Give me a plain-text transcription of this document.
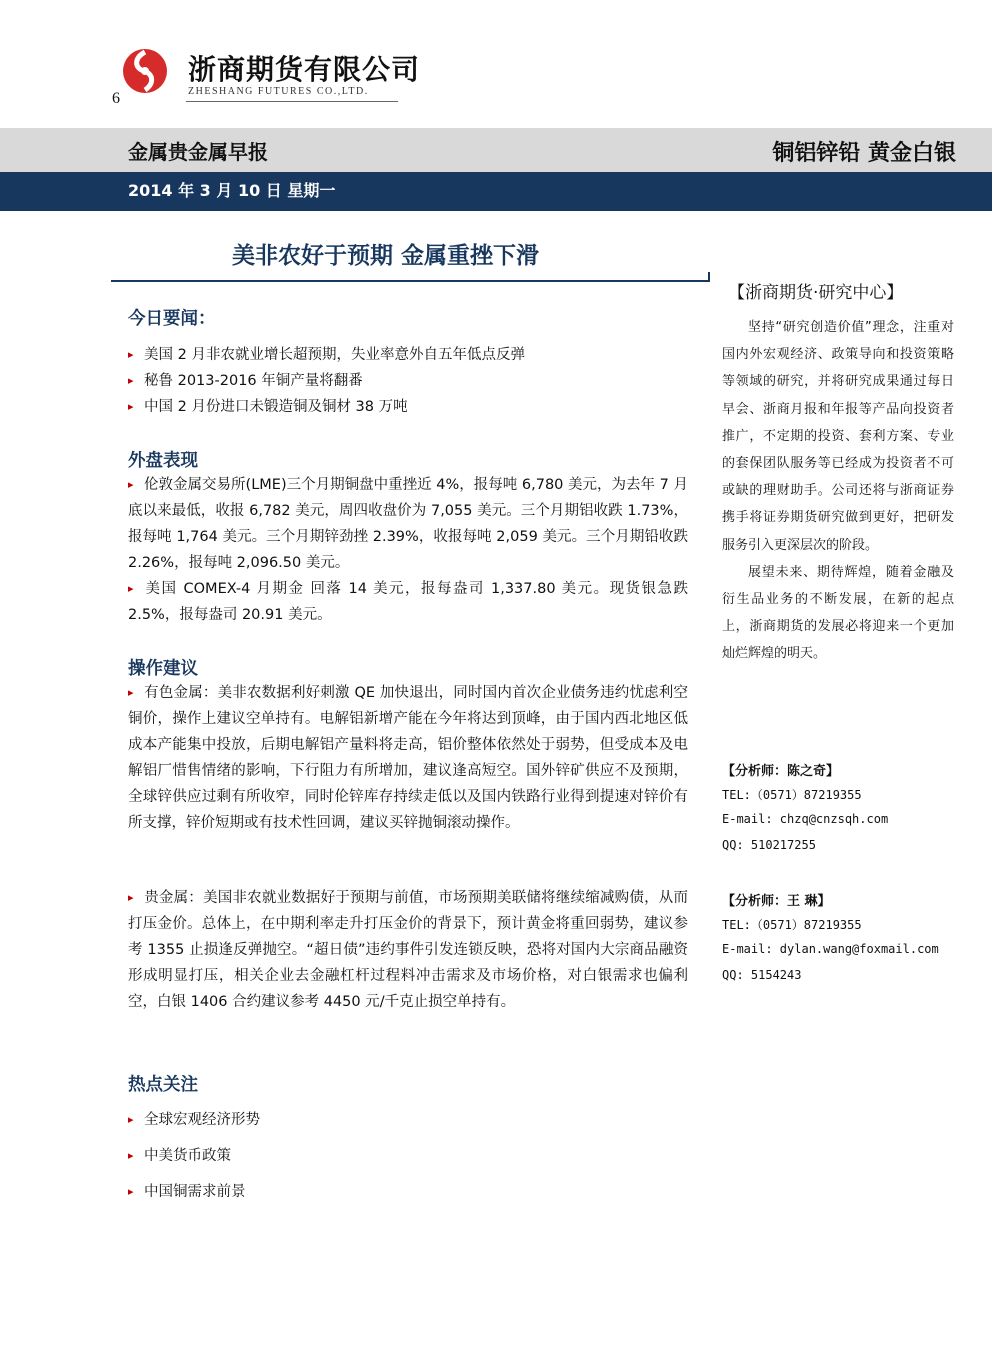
浙商期货有限公司
ZHESHANG FUTURES CO.,LTD.
6
金属贵金属早报	铜铝锌铅 黄金白银
2014 年 3 月 10 日 星期一
美非农好于预期 金属重挫下滑
今日要闻：
▸ 美国 2 月非农就业增长超预期，失业率意外自五年低点反弹
▸ 秘鲁 2013-2016 年铜产量将翻番
▸ 中国 2 月份进口未锻造铜及铜材 38 万吨
外盘表现
▸ 伦敦金属交易所(LME)三个月期铜盘中重挫近 4%，报每吨 6,780 美元，为去年 7 月底以来最低，收报 6,782 美元，周四收盘价为 7,055 美元。三个月期铝收跌 1.73%，报每吨 1,764 美元。三个月期锌劲挫 2.39%，收报每吨 2,059 美元。三个月期铅收跌 2.26%，报每吨 2,096.50 美元。
▸ 美国 COMEX-4 月期金 回落 14 美元，报每盎司 1,337.80 美元。现货银急跌 2.5%，报每盎司 20.91 美元。
操作建议
▸ 有色金属：美非农数据利好刺激 QE 加快退出，同时国内首次企业债务违约忧虑利空铜价，操作上建议空单持有。电解铝新增产能在今年将达到顶峰，由于国内西北地区低成本产能集中投放，后期电解铝产量料将走高，铝价整体依然处于弱势，但受成本及电解铝厂惜售情绪的影响，下行阻力有所增加，建议逢高短空。国外锌矿供应不及预期，全球锌供应过剩有所收窄，同时伦锌库存持续走低以及国内铁路行业得到提速对锌价有所支撑，锌价短期或有技术性回调，建议买锌抛铜滚动操作。
▸ 贵金属：美国非农就业数据好于预期与前值，市场预期美联储将继续缩减购债，从而打压金价。总体上，在中期利率走升打压金价的背景下，预计黄金将重回弱势，建议参考 1355 止损逢反弹抛空。“超日债”违约事件引发连锁反映，恐将对国内大宗商品融资形成明显打压，相关企业去金融杠杆过程料冲击需求及市场价格，对白银需求也偏利空，白银 1406 合约建议参考 4450 元/千克止损空单持有。
热点关注
▸ 全球宏观经济形势
▸ 中美货币政策
▸ 中国铜需求前景
【浙商期货·研究中心】

坚持“研究创造价值”理念，注重对国内外宏观经济、政策导向和投资策略等领域的研究，并将研究成果通过每日早会、浙商月报和年报等产品向投资者推广，不定期的投资、套利方案、专业的套保团队服务等已经成为投资者不可或缺的理财助手。公司还将与浙商证券携手将证券期货研究做到更好，把研发服务引入更深层次的阶段。

展望未来、期待辉煌，随着金融及衍生品业务的不断发展，在新的起点上，浙商期货的发展必将迎来一个更加灿烂辉煌的明天。

【分析师：陈之奇】
TEL:（0571）87219355
E-mail: chzq@cnzsqh.com
QQ: 510217255
【分析师：王 琳】
TEL:（0571）87219355
E-mail: dylan.wang@foxmail.com
QQ: 5154243
